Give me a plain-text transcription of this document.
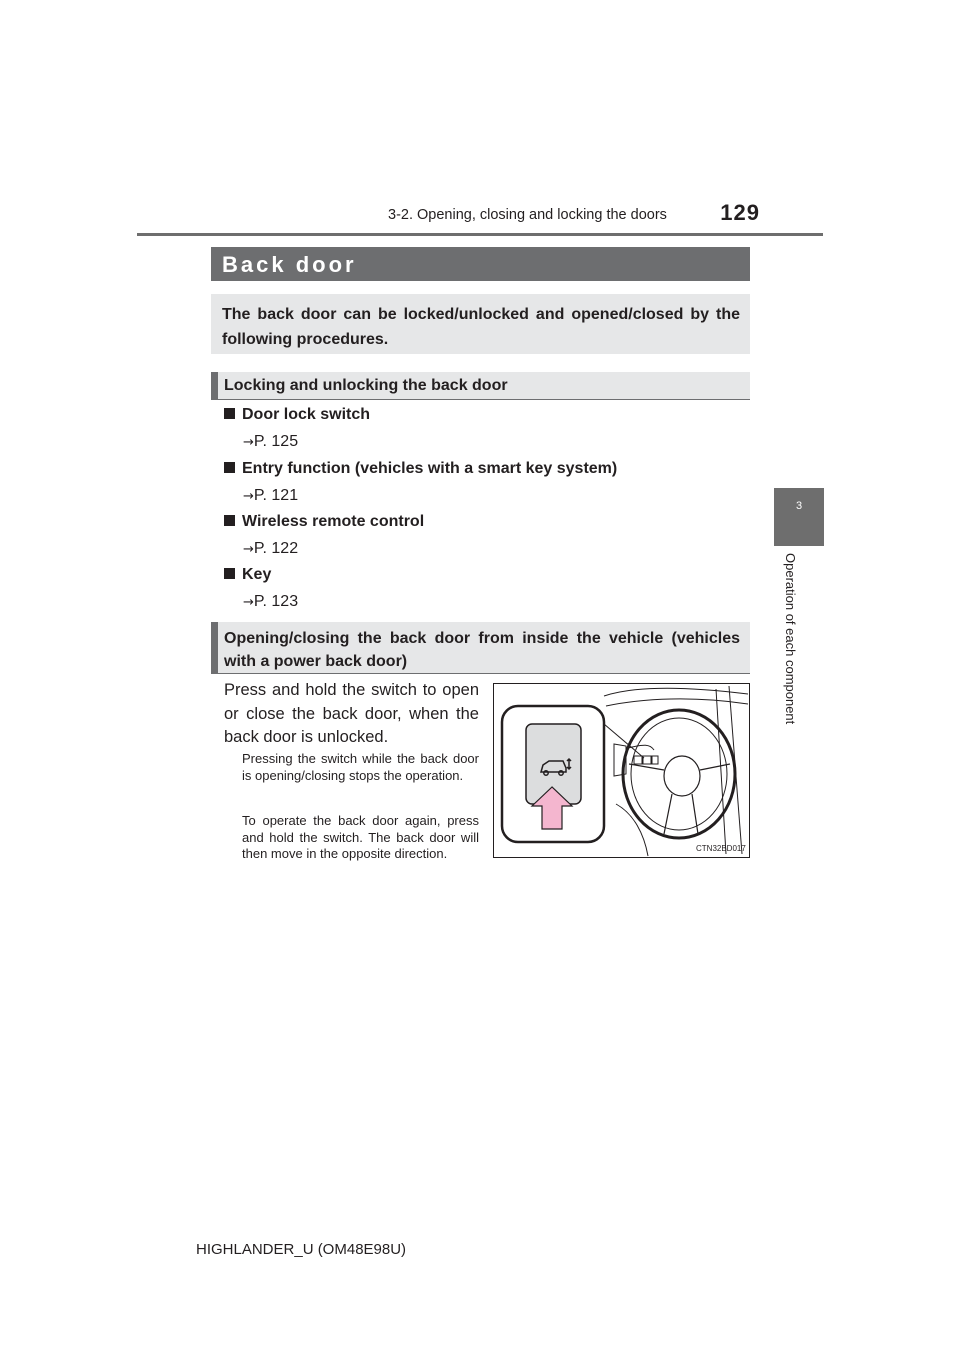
3-2. Opening, closing and locking the doors	129
3
Operation of each component
Back door
The back door can be locked/unlocked and opened/closed by the following procedures.
Locking and unlocking the back door
Door lock switch
→P. 125
Entry function (vehicles with a smart key system)
→P. 121
Wireless remote control
→P. 122
Key
→P. 123
Opening/closing the back door from inside the vehicle (vehicles with a power back door)
Press and hold the switch to open or close the back door, when the back door is unlocked.
Pressing the switch while the back door is opening/closing stops the operation.
To operate the back door again, press and hold the switch. The back door will then move in the opposite direction.	CTN32BD017
HIGHLANDER_U (OM48E98U)
